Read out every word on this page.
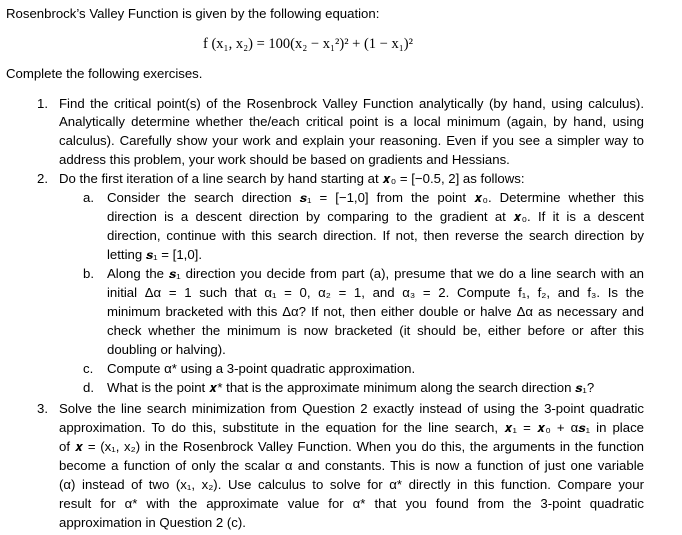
Rosenbrock’s Valley Function is given by the following equation:
f (x₁, x₂) = 100(x₂ − x₁²)² + (1 − x₁)²
Complete the following exercises.
1. Find the critical point(s) of the Rosenbrock Valley Function analytically (by hand, using calculus).
Analytically determine whether the/each critical point is a local minimum (again, by hand, using
calculus). Carefully show your work and explain your reasoning. Even if you see a simpler way to
address this problem, your work should be based on gradients and Hessians.
2. Do the first iteration of a line search by hand starting at 𝒙₀ = [−0.5, 2] as follows:
a. Consider the search direction 𝒔₁ = [−1,0] from the point 𝒙₀. Determine whether this
direction is a descent direction by comparing to the gradient at 𝒙₀. If it is a descent
direction, continue with this search direction. If not, then reverse the search direction by
letting 𝒔₁ = [1,0].
b. Along the 𝒔₁ direction you decide from part (a), presume that we do a line search with an
initial Δα = 1 such that α₁ = 0, α₂ = 1, and α₃ = 2. Compute f₁, f₂, and f₃. Is the
minimum bracketed with this Δα? If not, then either double or halve Δα as necessary and
check whether the minimum is now bracketed (it should be, either before or after this
doubling or halving).
c. Compute α* using a 3-point quadratic approximation.
d. What is the point 𝒙* that is the approximate minimum along the search direction 𝒔₁?
3. Solve the line search minimization from Question 2 exactly instead of using the 3-point quadratic
approximation. To do this, substitute in the equation for the line search, 𝒙₁ = 𝒙₀ + α𝒔₁ in place
of 𝒙 = (x₁, x₂) in the Rosenbrock Valley Function. When you do this, the arguments in the function
become a function of only the scalar α and constants. This is now a function of just one variable
(α) instead of two (x₁, x₂). Use calculus to solve for α* directly in this function. Compare your
result for α* with the approximate value for α* that you found from the 3-point quadratic
approximation in Question 2 (c).
